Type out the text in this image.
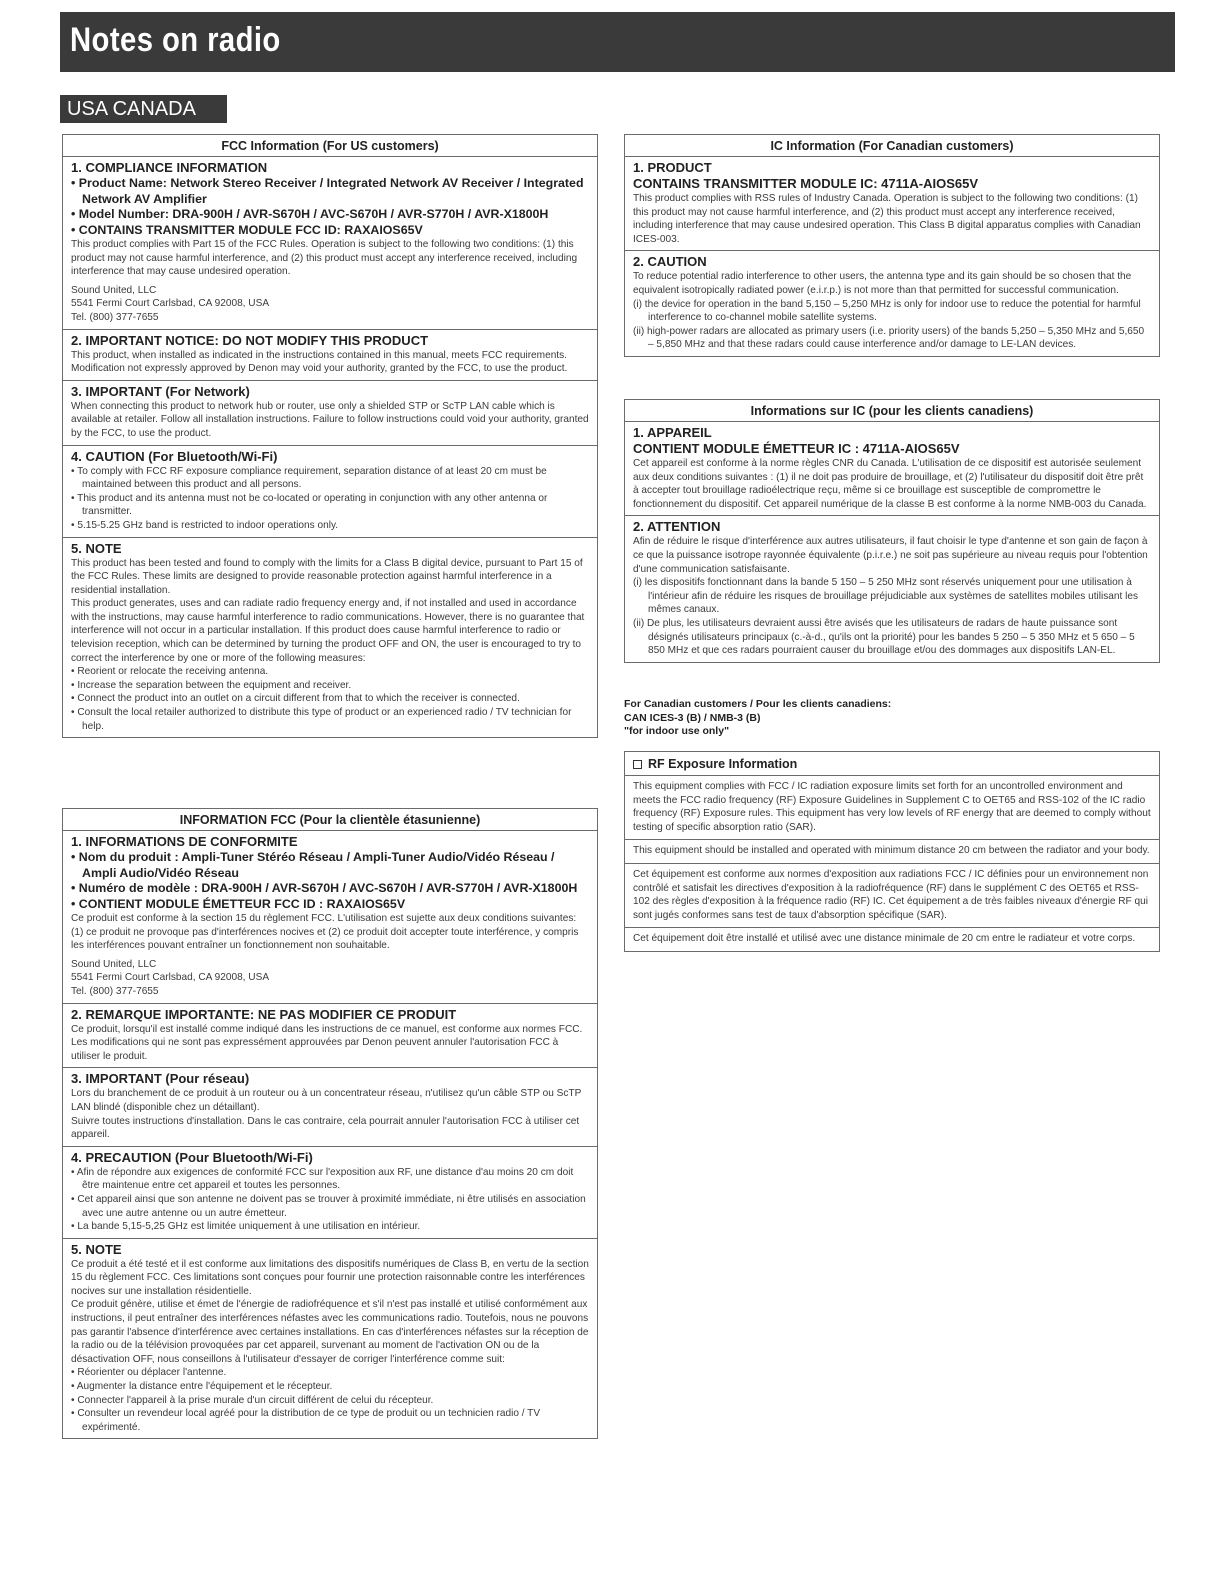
Notes on radio
USA CANADA
FCC Information (For US customers)
1. COMPLIANCE INFORMATION
• Product Name: Network Stereo Receiver / Integrated Network AV Receiver / Integrated Network AV Amplifier
• Model Number: DRA-900H / AVR-S670H / AVC-S670H / AVR-S770H / AVR-X1800H
• CONTAINS TRANSMITTER MODULE FCC ID: RAXAIOS65V
This product complies with Part 15 of the FCC Rules. Operation is subject to the following two conditions: (1) this product may not cause harmful interference, and (2) this product must accept any interference received, including interference that may cause undesired operation.
Sound United, LLC
5541 Fermi Court Carlsbad, CA 92008, USA
Tel. (800) 377-7655
2. IMPORTANT NOTICE: DO NOT MODIFY THIS PRODUCT
This product, when installed as indicated in the instructions contained in this manual, meets FCC requirements. Modification not expressly approved by Denon may void your authority, granted by the FCC, to use the product.
3. IMPORTANT (For Network)
When connecting this product to network hub or router, use only a shielded STP or ScTP LAN cable which is available at retailer. Follow all installation instructions. Failure to follow instructions could void your authority, granted by the FCC, to use the product.
4. CAUTION (For Bluetooth/Wi-Fi)
• To comply with FCC RF exposure compliance requirement, separation distance of at least 20 cm must be maintained between this product and all persons.
• This product and its antenna must not be co-located or operating in conjunction with any other antenna or transmitter.
• 5.15-5.25 GHz band is restricted to indoor operations only.
5. NOTE
This product has been tested and found to comply with the limits for a Class B digital device, pursuant to Part 15 of the FCC Rules. These limits are designed to provide reasonable protection against harmful interference in a residential installation.
This product generates, uses and can radiate radio frequency energy and, if not installed and used in accordance with the instructions, may cause harmful interference to radio communications. However, there is no guarantee that interference will not occur in a particular installation. If this product does cause harmful interference to radio or television reception, which can be determined by turning the product OFF and ON, the user is encouraged to try to correct the interference by one or more of the following measures:
• Reorient or relocate the receiving antenna.
• Increase the separation between the equipment and receiver.
• Connect the product into an outlet on a circuit different from that to which the receiver is connected.
• Consult the local retailer authorized to distribute this type of product or an experienced radio / TV technician for help.
INFORMATION FCC (Pour la clientèle étasunienne)
1. INFORMATIONS DE CONFORMITE
• Nom du produit : Ampli-Tuner Stéréo Réseau / Ampli-Tuner Audio/Vidéo Réseau / Ampli Audio/Vidéo Réseau
• Numéro de modèle : DRA-900H / AVR-S670H / AVC-S670H / AVR-S770H / AVR-X1800H
• CONTIENT MODULE ÉMETTEUR FCC ID : RAXAIOS65V
Ce produit est conforme à la section 15 du règlement FCC. L'utilisation est sujette aux deux conditions suivantes: (1) ce produit ne provoque pas d'interférences nocives et (2) ce produit doit accepter toute interférence, y compris les interférences pouvant entraîner un fonctionnement non souhaitable.
Sound United, LLC
5541 Fermi Court Carlsbad, CA 92008, USA
Tel. (800) 377-7655
2. REMARQUE IMPORTANTE: NE PAS MODIFIER CE PRODUIT
Ce produit, lorsqu'il est installé comme indiqué dans les instructions de ce manuel, est conforme aux normes FCC. Les modifications qui ne sont pas expressément approuvées par Denon peuvent annuler l'autorisation FCC à utiliser le produit.
3. IMPORTANT (Pour réseau)
Lors du branchement de ce produit à un routeur ou à un concentrateur réseau, n'utilisez qu'un câble STP ou ScTP LAN blindé (disponible chez un détaillant).
Suivre toutes instructions d'installation. Dans le cas contraire, cela pourrait annuler l'autorisation FCC à utiliser cet appareil.
4. PRECAUTION (Pour Bluetooth/Wi-Fi)
• Afin de répondre aux exigences de conformité FCC sur l'exposition aux RF, une distance d'au moins 20 cm doit être maintenue entre cet appareil et toutes les personnes.
• Cet appareil ainsi que son antenne ne doivent pas se trouver à proximité immédiate, ni être utilisés en association avec une autre antenne ou un autre émetteur.
• La bande 5,15-5,25 GHz est limitée uniquement à une utilisation en intérieur.
5. NOTE
Ce produit a été testé et il est conforme aux limitations des dispositifs numériques de Class B, en vertu de la section 15 du règlement FCC. Ces limitations sont conçues pour fournir une protection raisonnable contre les interférences nocives sur une installation résidentielle.
Ce produit génère, utilise et émet de l'énergie de radiofréquence et s'il n'est pas installé et utilisé conformément aux instructions, il peut entraîner des interférences néfastes avec les communications radio. Toutefois, nous ne pouvons pas garantir l'absence d'interférence avec certaines installations. En cas d'interférences néfastes sur la réception de la radio ou de la télévision provoquées par cet appareil, survenant au moment de l'activation ON ou de la désactivation OFF, nous conseillons à l'utilisateur d'essayer de corriger l'interférence comme suit:
• Réorienter ou déplacer l'antenne.
• Augmenter la distance entre l'équipement et le récepteur.
• Connecter l'appareil à la prise murale d'un circuit différent de celui du récepteur.
• Consulter un revendeur local agréé pour la distribution de ce type de produit ou un technicien radio / TV expérimenté.
IC Information (For Canadian customers)
1. PRODUCT
CONTAINS TRANSMITTER MODULE IC: 4711A-AIOS65V
This product complies with RSS rules of Industry Canada. Operation is subject to the following two conditions: (1) this product may not cause harmful interference, and (2) this product must accept any interference received, including interference that may cause undesired operation. This Class B digital apparatus complies with Canadian ICES-003.
2. CAUTION
To reduce potential radio interference to other users, the antenna type and its gain should be so chosen that the equivalent isotropically radiated power (e.i.r.p.) is not more than that permitted for successful communication.
(i) the device for operation in the band 5,150 – 5,250 MHz is only for indoor use to reduce the potential for harmful interference to co-channel mobile satellite systems.
(ii) high-power radars are allocated as primary users (i.e. priority users) of the bands 5,250 – 5,350 MHz and 5,650 – 5,850 MHz and that these radars could cause interference and/or damage to LE-LAN devices.
Informations sur IC (pour les clients canadiens)
1. APPAREIL
CONTIENT MODULE ÉMETTEUR IC : 4711A-AIOS65V
Cet appareil est conforme à la norme règles CNR du Canada. L'utilisation de ce dispositif est autorisée seulement aux deux conditions suivantes : (1) il ne doit pas produire de brouillage, et (2) l'utilisateur du dispositif doit être prêt à accepter tout brouillage radioélectrique reçu, même si ce brouillage est susceptible de compromettre le fonctionnement du dispositif. Cet appareil numérique de la classe B est conforme à la norme NMB-003 du Canada.
2. ATTENTION
Afin de réduire le risque d'interférence aux autres utilisateurs, il faut choisir le type d'antenne et son gain de façon à ce que la puissance isotrope rayonnée équivalente (p.i.r.e.) ne soit pas supérieure au niveau requis pour l'obtention d'une communication satisfaisante.
(i) les dispositifs fonctionnant dans la bande 5 150 – 5 250 MHz sont réservés uniquement pour une utilisation à l'intérieur afin de réduire les risques de brouillage préjudiciable aux systèmes de satellites mobiles utilisant les mêmes canaux.
(ii) De plus, les utilisateurs devraient aussi être avisés que les utilisateurs de radars de haute puissance sont désignés utilisateurs principaux (c.-à-d., qu'ils ont la priorité) pour les bandes 5 250 – 5 350 MHz et 5 650 – 5 850 MHz et que ces radars pourraient causer du brouillage et/ou des dommages aux dispositifs LAN-EL.
For Canadian customers / Pour les clients canadiens:
CAN ICES-3 (B) / NMB-3 (B)
"for indoor use only"
RF Exposure Information
This equipment complies with FCC / IC radiation exposure limits set forth for an uncontrolled environment and meets the FCC radio frequency (RF) Exposure Guidelines in Supplement C to OET65 and RSS-102 of the IC radio frequency (RF) Exposure rules. This equipment has very low levels of RF energy that are deemed to comply without testing of specific absorption ratio (SAR).
This equipment should be installed and operated with minimum distance 20 cm between the radiator and your body.
Cet équipement est conforme aux normes d'exposition aux radiations FCC / IC définies pour un environnement non contrôlé et satisfait les directives d'exposition à la radiofréquence (RF) dans le supplément C des OET65 et RSS-102 des règles d'exposition à la fréquence radio (RF) IC. Cet équipement a de très faibles niveaux d'énergie RF qui sont jugés conformes sans test de taux d'absorption spécifique (SAR).
Cet équipement doit être installé et utilisé avec une distance minimale de 20 cm entre le radiateur et votre corps.
